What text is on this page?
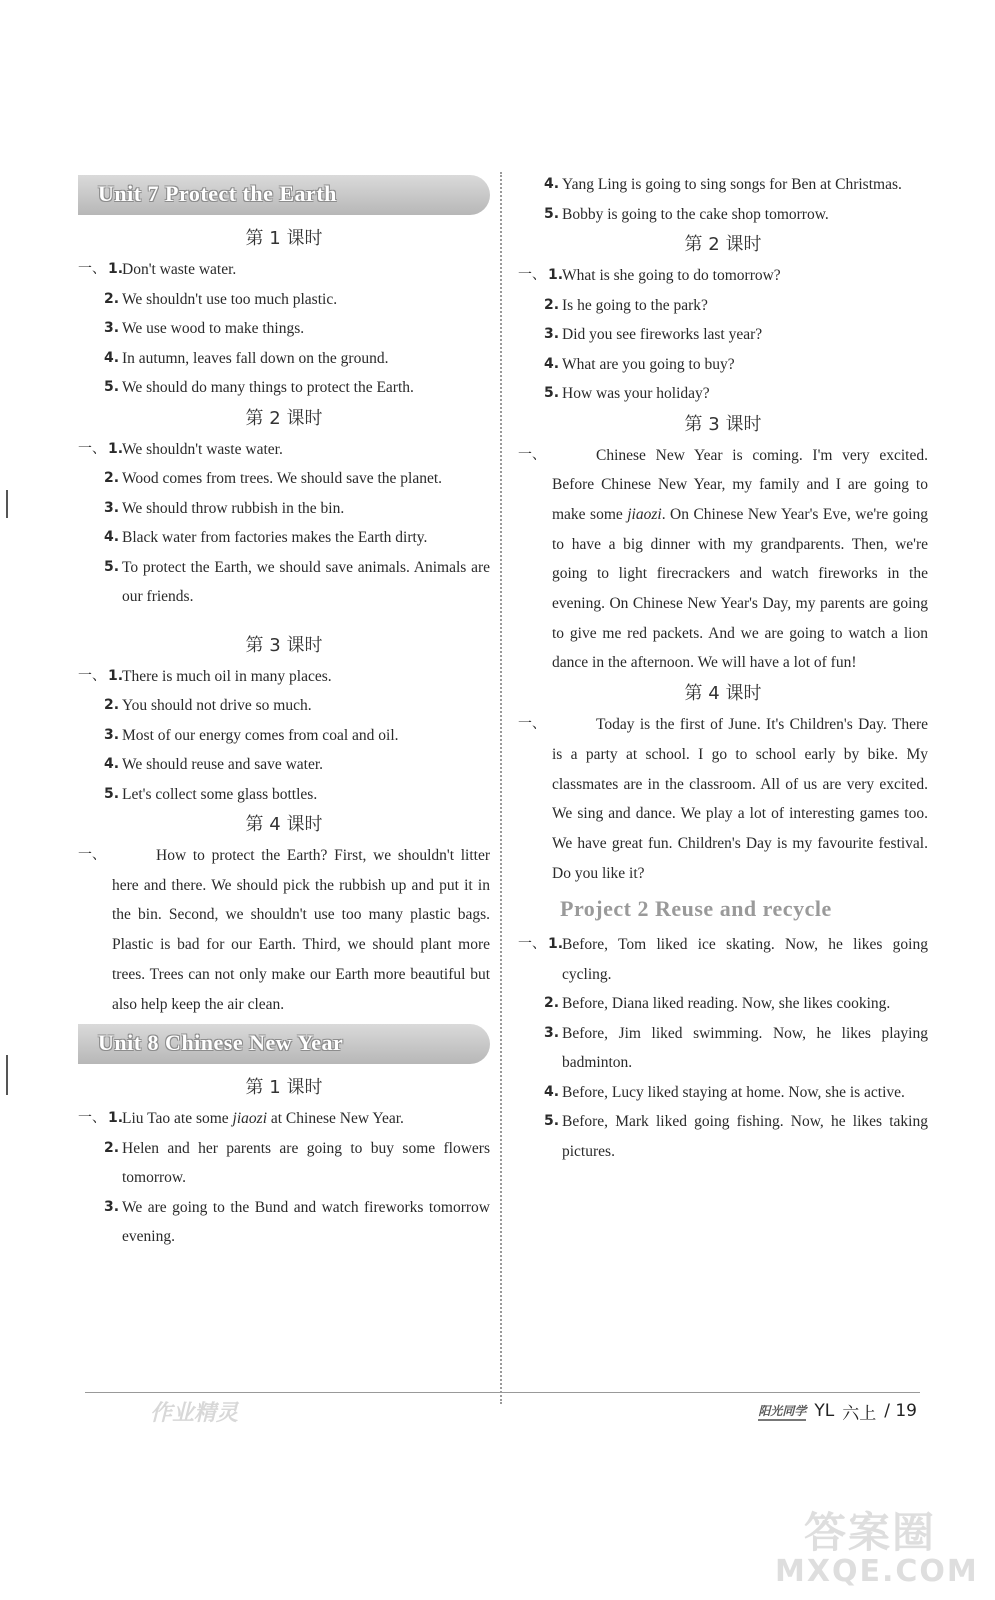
Unit 7 Protect the Earth
第 1 课时
一、 1.
Don't waste water.
2. We shouldn't use too much plastic.
3. We use wood to make things.
4. In autumn, leaves fall down on the ground.
5. We should do many things to protect the Earth.
第 2 课时
一、 1.
We shouldn't waste water.
2. Wood comes from trees. We should save the planet.
3. We should throw rubbish in the bin.
4. Black water from factories makes the Earth dirty.
5. To protect the Earth, we should save animals. Animals are our friends.
第 3 课时
一、 1.
There is much oil in many places.
2. You should not drive so much.
3. Most of our energy comes from coal and oil.
4. We should reuse and save water.
5. Let's collect some glass bottles.
第 4 课时
一、	How to protect the Earth? First, we shouldn't litter here and there. We should pick the rubbish up and put it in the bin. Second, we shouldn't use too many plastic bags. Plastic is bad for our Earth. Third, we should plant more trees. Trees can not only make our Earth more beautiful but also help keep the air clean.
Unit 8 Chinese New Year
第 1 课时
一、 1.
Liu Tao ate some jiaozi at Chinese New Year.
2. Helen and her parents are going to buy some flowers tomorrow.
3. We are going to the Bund and watch fireworks tomorrow evening.
4. Yang Ling is going to sing songs for Ben at Christmas.
5. Bobby is going to the cake shop tomorrow.
第 2 课时
一、 1.
What is she going to do tomorrow?
2. Is he going to the park?
3. Did you see fireworks last year?
4. What are you going to buy?
5. How was your holiday?
第 3 课时
一、	Chinese New Year is coming. I'm very excited. Before Chinese New Year, my family and I are going to make some jiaozi. On Chinese New Year's Eve, we're going to have a big dinner with my grandparents. Then, we're going to light firecrackers and watch fireworks in the evening. On Chinese New Year's Day, my parents are going to give me red packets. And we are going to watch a lion dance in the afternoon. We will have a lot of fun!
第 4 课时
一、	Today is the first of June. It's Children's Day. There is a party at school. I go to school early by bike. My classmates are in the classroom. All of us are very excited. We sing and dance. We play a lot of interesting games too. We have great fun. Children's Day is my favourite festival. Do you like it?
Project 2 Reuse and recycle
一、 1.
Before, Tom liked ice skating. Now, he likes going cycling.
2. Before, Diana liked reading. Now, she likes cooking.
3. Before, Jim liked swimming. Now, he likes playing badminton.
4. Before, Lucy liked staying at home. Now, she is active.
5. Before, Mark liked going fishing. Now, he likes taking pictures.
作业精灵	阳光同学 YL 六上 / 19
答案圈
MXQE.COM
